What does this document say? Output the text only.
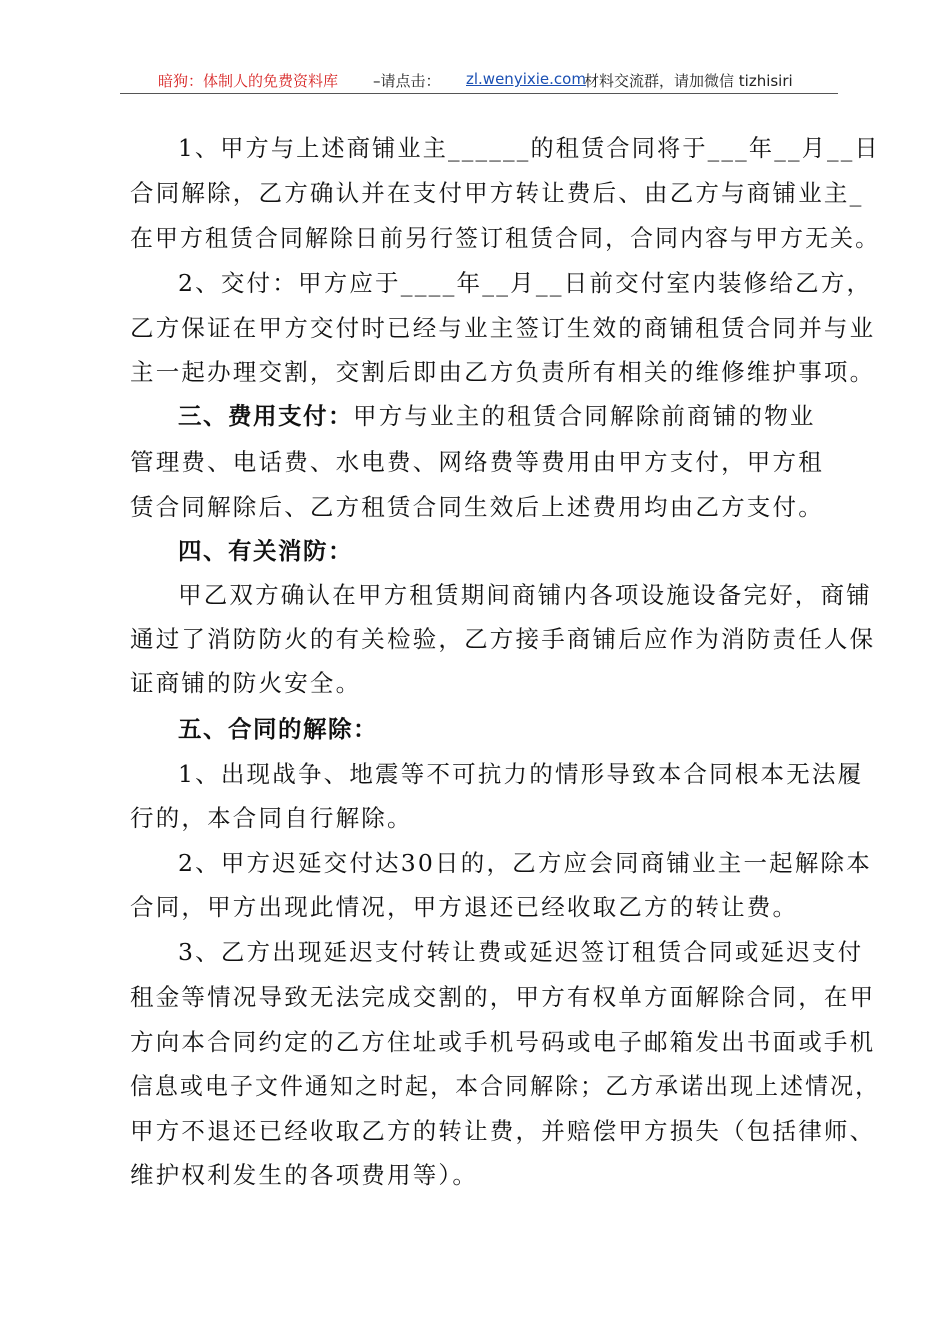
暗狗：体制人的免费资料库 –请点击： zl.wenyixie.com
材料交流群，请加微信 tizhisiri
1、甲方与上述商铺业主______的租赁合同将于___年__月__日
合同解除，乙方确认并在支付甲方转让费后、由乙方与商铺业主_
在甲方租赁合同解除日前另行签订租赁合同，合同内容与甲方无关。
2、交付：甲方应于____年__月__日前交付室内装修给乙方，
乙方保证在甲方交付时已经与业主签订生效的商铺租赁合同并与业
主一起办理交割，交割后即由乙方负责所有相关的维修维护事项。
三、费用支付：甲方与业主的租赁合同解除前商铺的物业
管理费、电话费、水电费、网络费等费用由甲方支付，甲方租
赁合同解除后、乙方租赁合同生效后上述费用均由乙方支付。
四、有关消防：
甲乙双方确认在甲方租赁期间商铺内各项设施设备完好，商铺
通过了消防防火的有关检验，乙方接手商铺后应作为消防责任人保
证商铺的防火安全。
五、合同的解除：
1、出现战争、地震等不可抗力的情形导致本合同根本无法履
行的，本合同自行解除。
2、甲方迟延交付达30日的，乙方应会同商铺业主一起解除本
合同，甲方出现此情况，甲方退还已经收取乙方的转让费。
3、乙方出现延迟支付转让费或延迟签订租赁合同或延迟支付
租金等情况导致无法完成交割的，甲方有权单方面解除合同，在甲
方向本合同约定的乙方住址或手机号码或电子邮箱发出书面或手机
信息或电子文件通知之时起，本合同解除；乙方承诺出现上述情况，
甲方不退还已经收取乙方的转让费，并赔偿甲方损失（包括律师、
维护权利发生的各项费用等）。
